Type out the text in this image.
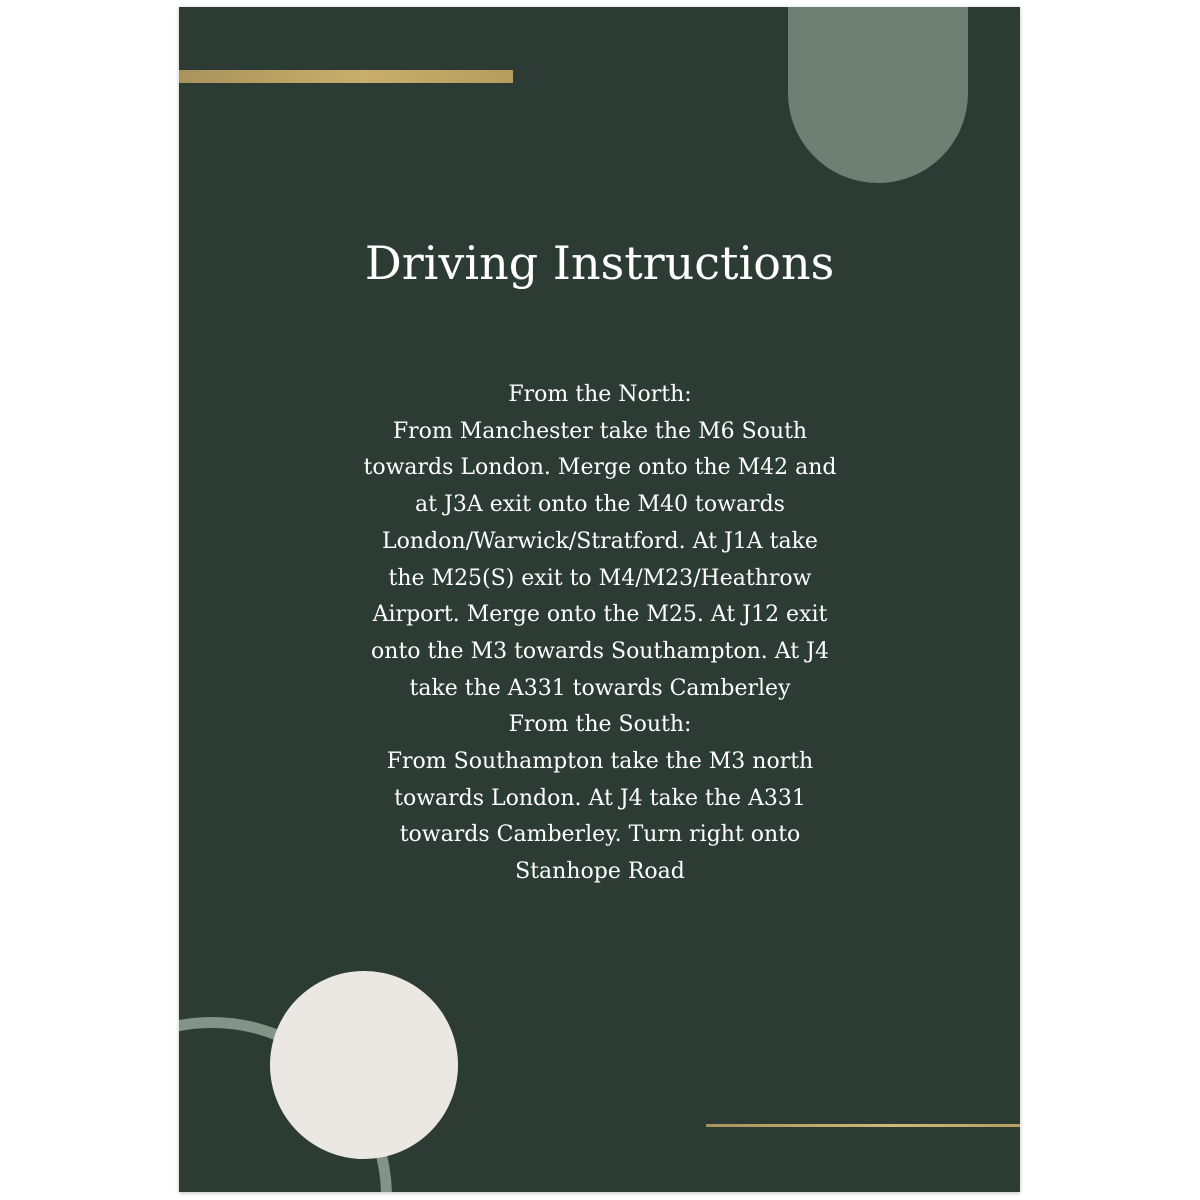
Driving Instructions
From the North:
From Manchester take the M6 South
towards London. Merge onto the M42 and
at J3A exit onto the M40 towards
London/Warwick/Stratford. At J1A take
the M25(S) exit to M4/M23/Heathrow
Airport. Merge onto the M25. At J12 exit
onto the M3 towards Southampton. At J4
take the A331 towards Camberley
From the South:
From Southampton take the M3 north
towards London. At J4 take the A331
towards Camberley. Turn right onto
Stanhope Road
